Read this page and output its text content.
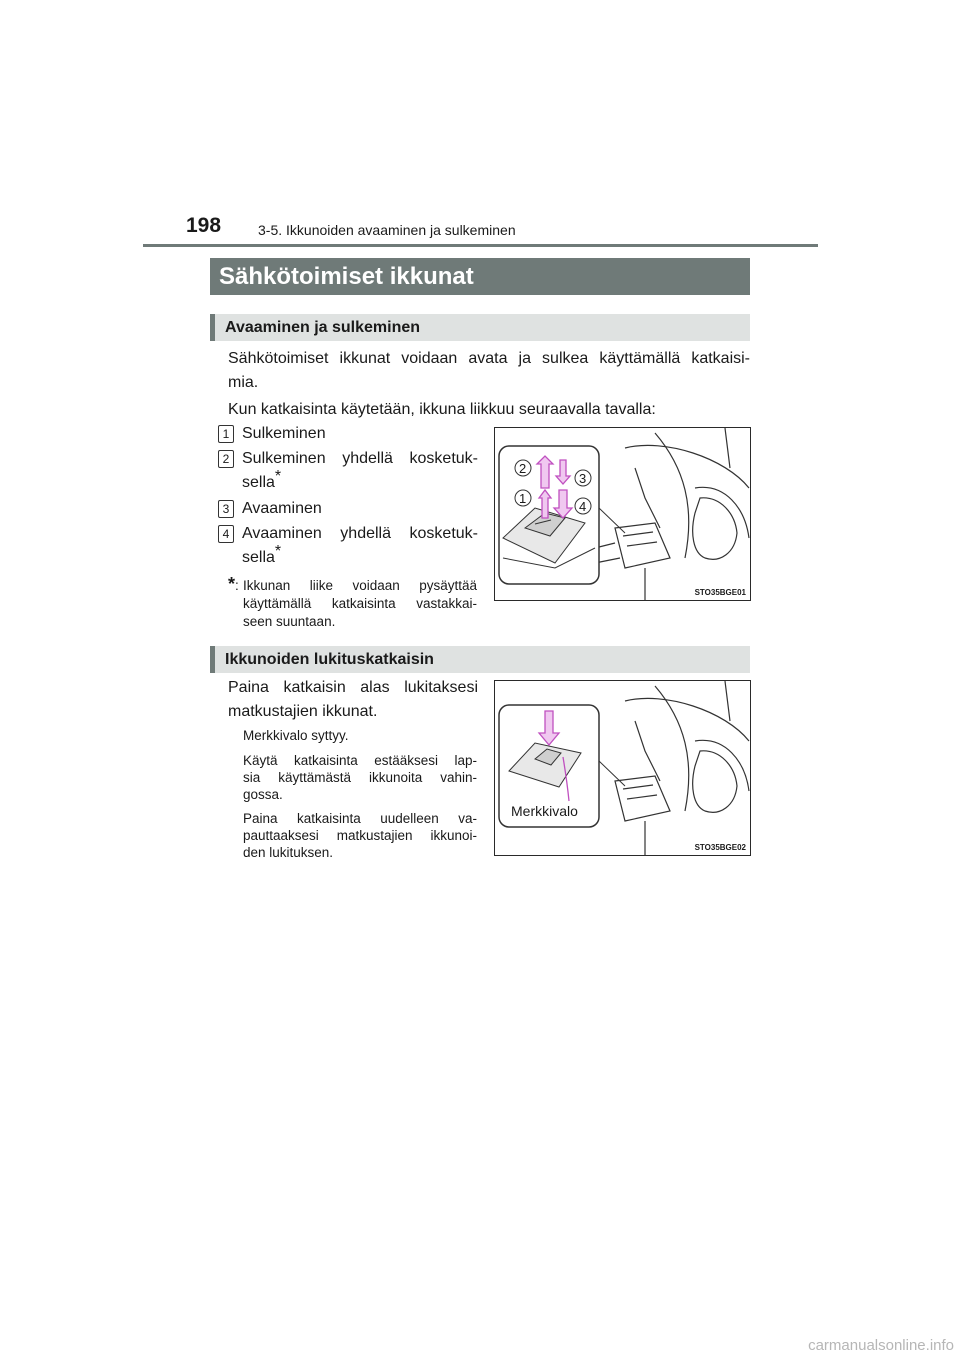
198	3-5. Ikkunoiden avaaminen ja sulkeminen
Sähkötoimiset ikkunat
Avaaminen ja sulkeminen
Sähkötoimiset ikkunat voidaan avata ja sulkea käyttämällä katkaisi-
mia.
Kun katkaisinta käytetään, ikkuna liikkuu seuraavalla tavalla:
1 Sulkeminen
2 Sulkeminen yhdellä kosketuk-
sella*
3 Avaaminen
4 Avaaminen yhdellä kosketuk-
sella*
*: Ikkunan liike voidaan pysäyttää
käyttämällä katkaisinta vastakkai-
seen suuntaan.
2
1
3
4
STO35BGE01
Ikkunoiden lukituskatkaisin
Paina katkaisin alas lukitaksesi
matkustajien ikkunat.
Merkkivalo syttyy.
Käytä katkaisinta estääksesi lap-
sia käyttämästä ikkunoita vahin-
gossa.
Paina katkaisinta uudelleen va-
pauttaaksesi matkustajien ikkunoi-
den lukituksen.
Merkkivalo
STO35BGE02
carmanualsonline.info
